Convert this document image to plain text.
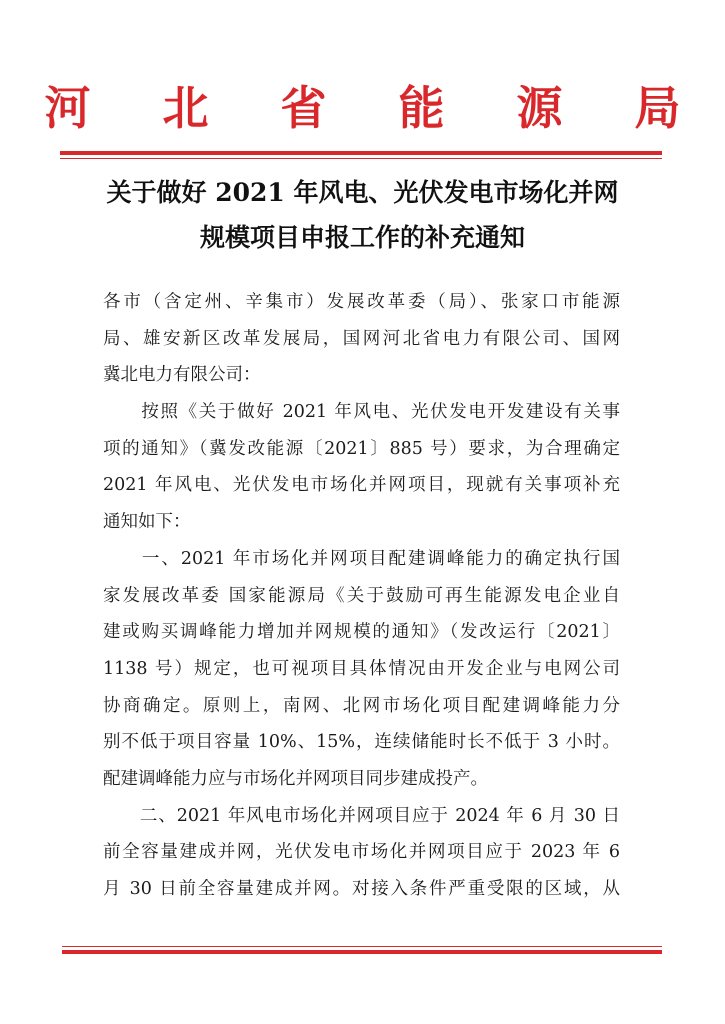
河 北 省 能 源 局
关于做好 2021 年风电、光伏发电市场化并网
规模项目申报工作的补充通知
各市（含定州、辛集市）发展改革委（局）、张家口市能源
局、雄安新区改革发展局，国网河北省电力有限公司、国网
冀北电力有限公司：
　　按照《关于做好 2021 年风电、光伏发电开发建设有关事
项的通知》（冀发改能源〔2021〕885 号）要求，为合理确定
2021 年风电、光伏发电市场化并网项目，现就有关事项补充
通知如下：
　　一、2021 年市场化并网项目配建调峰能力的确定执行国
家发展改革委 国家能源局《关于鼓励可再生能源发电企业自
建或购买调峰能力增加并网规模的通知》（发改运行〔2021〕
1138 号）规定，也可视项目具体情况由开发企业与电网公司
协商确定。原则上，南网、北网市场化项目配建调峰能力分
别不低于项目容量 10%、15%，连续储能时长不低于 3 小时。
配建调峰能力应与市场化并网项目同步建成投产。
　　二、2021 年风电市场化并网项目应于 2024 年 6 月 30 日
前全容量建成并网，光伏发电市场化并网项目应于 2023 年 6
月 30 日前全容量建成并网。对接入条件严重受限的区域，从
